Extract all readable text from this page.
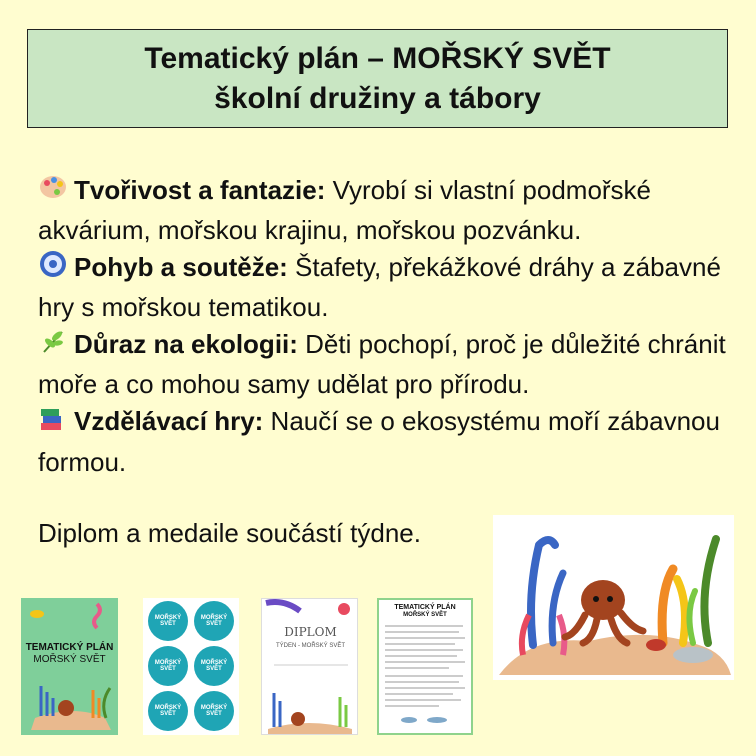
Tematický plán – MOŘSKÝ SVĚT
školní družiny a tábory

Tvořivost a fantazie: Vyrobí si vlastní podmořské akvárium, mořskou krajinu, mořskou pozvánku.

Pohyb a soutěže: Štafety, překážkové dráhy a zábavné hry s mořskou tematikou.

Důraz na ekologii: Děti pochopí, proč je důležité chránit moře a co mohou samy udělat pro přírodu.

Vzdělávací hry: Naučí se o ekosystému moří zábavnou formou.

Diplom a medaile součástí týdne.
TEMATICKÝ PLÁN
MOŘSKÝ SVĚT
MOŘSKÝ SVĚT
MOŘSKÝ SVĚT
MOŘSKÝ SVĚT
MOŘSKÝ SVĚT
MOŘSKÝ SVĚT
MOŘSKÝ SVĚT
DIPLOM
TÝDEN - MOŘSKÝ SVĚT
TEMATICKÝ PLÁN
MOŘSKÝ SVĚT
